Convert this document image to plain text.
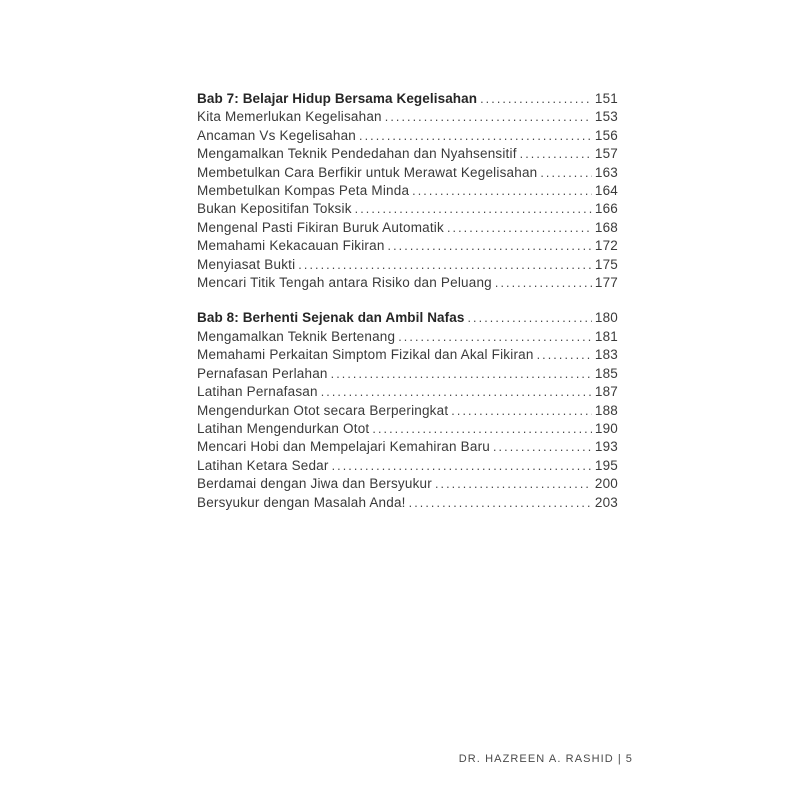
Bab 7: Belajar Hidup Bersama Kegelisahan .....	151
Kita Memerlukan Kegelisahan .....	153
Ancaman Vs Kegelisahan .....	156
Mengamalkan Teknik Pendedahan dan Nyahsensitif .....	157
Membetulkan Cara Berfikir untuk Merawat Kegelisahan .....	163
Membetulkan Kompas Peta Minda .....	164
Bukan Kepositifan Toksik .....	166
Mengenal Pasti Fikiran Buruk Automatik .....	168
Memahami Kekacauan Fikiran .....	172
Menyiasat Bukti .....	175
Mencari Titik Tengah antara Risiko dan Peluang .....	177
Bab 8: Berhenti Sejenak dan Ambil Nafas .....	180
Mengamalkan Teknik Bertenang .....	181
Memahami Perkaitan Simptom Fizikal dan Akal Fikiran .....	183
Pernafasan Perlahan .....	185
Latihan Pernafasan .....	187
Mengendurkan Otot secara Berperingkat .....	188
Latihan Mengendurkan Otot .....	190
Mencari Hobi dan Mempelajari Kemahiran Baru .....	193
Latihan Ketara Sedar .....	195
Berdamai dengan Jiwa dan Bersyukur .....	200
Bersyukur dengan Masalah Anda! .....	203
DR. HAZREEN A. RASHID | 5
